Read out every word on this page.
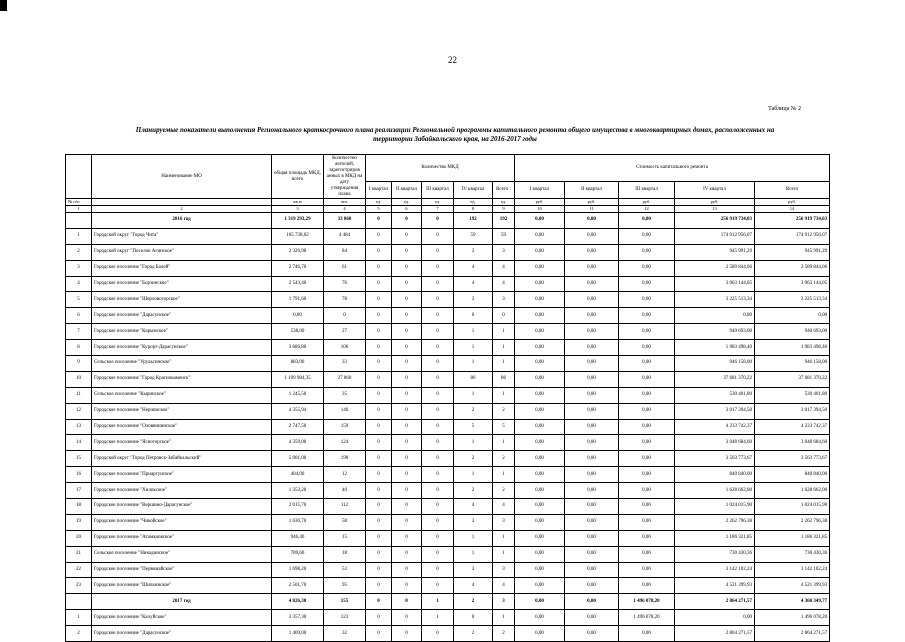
22
Таблица № 2
Планируемые показатели выполнения Регионального краткосрочного плана реализации Региональной программы капитального ремонта общего имущества в многоквартирных домах, расположенных на
территории Забайкальского края, на 2016-2017 годы
	Наименование МО	общая площадь МКД, всего	Количество жителей, зарегистриров анных в МКД на дату утверждения плана	Количество МКД					Стоимость капитального ремонта				
				I квартал	II квартал	III квартал	IV квартал	Всего :	I квартал	II квартал	III квартал	IV квартал	Всего
№ п/п		кв.м	чел.	ед.	ед.	ед.	ед.	ед.	руб.	руб.	руб.	руб.	руб.
1	2	3	4	5	6	7	8	9	10	11	12	13	14
	2016 год	1 319 293,29	33 860	0	0	0	192	192	0,00	0,00	0,00	256 919 734,03	256 919 734,03
1	Городской округ "Город Чита"	165 738,02	4 484	0	0	0	59	59	0,00	0,00	0,00	174 912 956,07	174 912 956,07
2	Городской округ "Поселок Агинское"	2 326,98	84	0	0	0	3	3	0,00	0,00	0,00	945 991,29	945 991,29
3	Городское поселение "Город Балей"	2 746,70	61	0	0	0	4	4	0,00	0,00	0,00	2 589 844,06	2 589 844,06
4	Городское поселение "Борзинское"	2 543,40	76	0	0	0	4	4	0,00	0,00	0,00	3 963 144,05	3 963 144,05
5	Городское поселение "Шерловогорское"	1 791,60	78	0	0	0	3	3	0,00	0,00	0,00	3 225 513,34	3 225 513,34
6	Городское поселение "Дарасунское"	0,00	0	0	0	0	0	0	0,00	0,00	0,00	0,00	0,00
7	Городское поселение "Карымское"	538,00	27	0	0	0	1	1	0,00	0,00	0,00	940 693,00	940 693,00
8	Городское поселение "Курорт-Дарасунское"	3 686,80	106	0	0	0	1	1	0,00	0,00	0,00	1 983 498,40	1 983 498,40
9	Сельское поселение "Урульгинское"	883,00	33	0	0	0	1	1	0,00	0,00	0,00	946 158,00	946 158,00
10	Городское поселение "Город Краснокаменск"	1 109 984,35	27 860	0	0	0	86	86	0,00	0,00	0,00	37 681 370,22	37 681 370,22
11	Сельское поселение "Кыринское"	1 245,50	35	0	0	0	1	1	0,00	0,00	0,00	530 401,80	530 401,80
12	Городское поселение "Нерчинское"	4 355,94	146	0	0	0	2	2	0,00	0,00	0,00	3 017 394,50	3 017 394,50
13	Городское поселение "Оловяннинское"	2 747,50	159	0	0	0	5	5	0,00	0,00	0,00	4 233 742,37	4 233 742,37
14	Городское поселение "Ясногорское"	4 359,00	124	0	0	0	1	1	0,00	0,00	0,00	3 048 684,60	3 048 684,60
15	Городской округ "Город Петровск-Забайкальский"	5 001,00	190	0	0	0	2	2	0,00	0,00	0,00	3 563 773,67	3 563 773,67
16	Городское поселение "Приаргунское"	404,00	12	0	0	0	1	1	0,00	0,00	0,00	840 840,00	840 840,00
17	Городское поселение "Хилокское"	1 353,20	40	0	0	0	2	2	0,00	0,00	0,00	1 628 662,00	1 628 662,00
18	Городское поселение "Вершино-Дарасунское"	2 015,70	112	0	0	0	4	4	0,00	0,00	0,00	1 024 015,90	1 024 015,90
19	Городское поселение "Чикойское"	1 630,70	58	0	0	0	3	3	0,00	0,00	0,00	2 262 796,38	2 262 796,38
20	Городское поселение "Атамановское"	946,40	15	0	0	0	1	1	0,00	0,00	0,00	1 186 321,85	1 186 321,85
21	Сельское поселение "Никодинское"	789,60	18	0	0	0	1	1	0,00	0,00	0,00	730 430,36	730 430,36
22	Городское поселение "Первомайское"	1 698,20	53	0	0	0	3	3	0,00	0,00	0,00	3 142 102,24	3 142 102,24
23	Городское поселение "Шилкинское"	2 501,70	95	0	0	0	4	4	0,00	0,00	0,00	4 521 399,93	4 521 399,93
	2017 год	4 826,30	155	0	0	1	2	3	0,00	0,00	1 496 078,20	2 864 271,57	4 360 349,77
1	Городское поселение "Калуйское"	3 357,30	123	0	0	1	0	1	0,00	0,00	1 496 078,20	0,00	1 496 078,20
2	Городское поселение "Дарасунское"	1 469,00	32	0	0	0	2	2	0,00	0,00	0,00	2 864 271,57	2 864 271,57
